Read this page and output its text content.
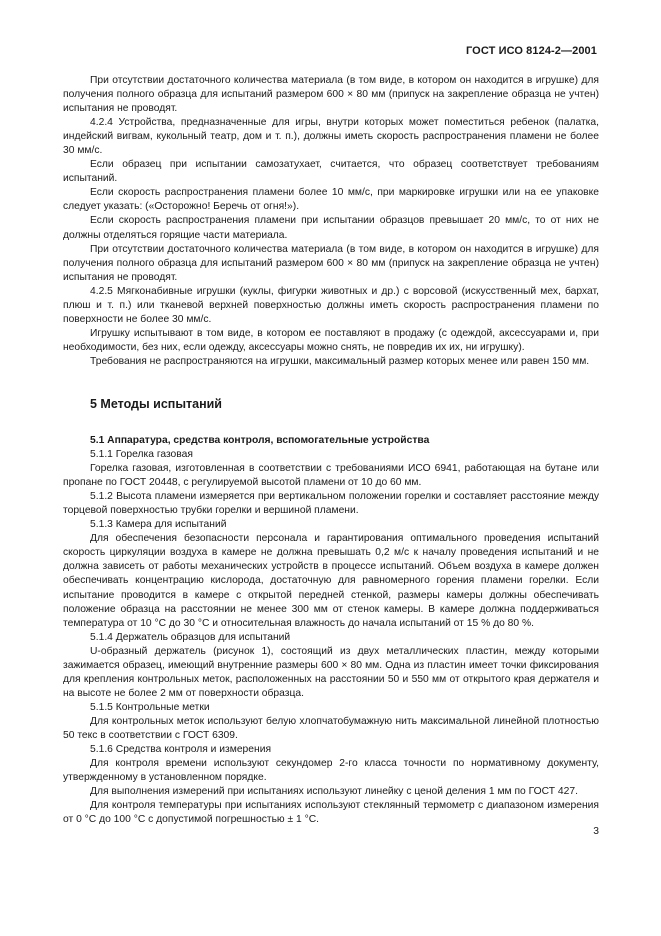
ГОСТ ИСО 8124-2—2001

При отсутствии достаточного количества материала (в том виде, в котором он находится в игрушке) для получения полного образца для испытаний размером 600 × 80 мм (припуск на закрепление образца не учтен) испытания не проводят.

4.2.4 Устройства, предназначенные для игры, внутри которых может поместиться ребенок (палатка, индейский вигвам, кукольный театр, дом и т. п.), должны иметь скорость распространения пламени не более 30 мм/с.

Если образец при испытании самозатухает, считается, что образец соответствует требованиям испытаний.

Если скорость распространения пламени более 10 мм/с, при маркировке игрушки или на ее упаковке следует указать: («Осторожно! Беречь от огня!»).

Если скорость распространения пламени при испытании образцов превышает 20 мм/с, то от них не должны отделяться горящие части материала.

При отсутствии достаточного количества материала (в том виде, в котором он находится в игрушке) для получения полного образца для испытаний размером 600 × 80 мм (припуск на закрепление образца не учтен) испытания не проводят.

4.2.5 Мягконабивные игрушки (куклы, фигурки животных и др.) с ворсовой (искусственный мех, бархат, плюш и т. п.) или тканевой верхней поверхностью должны иметь скорость распространения пламени по поверхности не более 30 мм/с.

Игрушку испытывают в том виде, в котором ее поставляют в продажу (с одеждой, аксессуарами и, при необходимости, без них, если одежду, аксессуары можно снять, не повредив их их, ни игрушку).

Требования не распространяются на игрушки, максимальный размер которых менее или равен 150 мм.

5 Методы испытаний

5.1 Аппаратура, средства контроля, вспомогательные устройства

5.1.1 Горелка газовая

Горелка газовая, изготовленная в соответствии с требованиями ИСО 6941, работающая на бутане или пропане по ГОСТ 20448, с регулируемой высотой пламени от 10 до 60 мм.

5.1.2 Высота пламени измеряется при вертикальном положении горелки и составляет расстояние между торцевой поверхностью трубки горелки и вершиной пламени.

5.1.3 Камера для испытаний

Для обеспечения безопасности персонала и гарантирования оптимального проведения испытаний скорость циркуляции воздуха в камере не должна превышать 0,2 м/с к началу проведения испытаний и не должна зависеть от работы механических устройств в процессе испытаний. Объем воздуха в камере должен обеспечивать концентрацию кислорода, достаточную для равномерного горения пламени горелки. Если испытание проводится в камере с открытой передней стенкой, размеры камеры должны обеспечивать положение образца на расстоянии не менее 300 мм от стенок камеры. В камере должна поддерживаться температура от 10 °С до 30 °С и относительная влажность до начала испытаний от 15 % до 80 %.

5.1.4 Держатель образцов для испытаний

U-образный держатель (рисунок 1), состоящий из двух металлических пластин, между которыми зажимается образец, имеющий внутренние размеры 600 × 80 мм. Одна из пластин имеет точки фиксирования для крепления контрольных меток, расположенных на расстоянии 50 и 550 мм от открытого края держателя и на высоте не более 2 мм от поверхности образца.

5.1.5 Контрольные метки

Для контрольных меток используют белую хлопчатобумажную нить максимальной линейной плотностью 50 текс в соответствии с ГОСТ 6309.

5.1.6 Средства контроля и измерения

Для контроля времени используют секундомер 2-го класса точности по нормативному документу, утвержденному в установленном порядке.

Для выполнения измерений при испытаниях используют линейку с ценой деления 1 мм по ГОСТ 427.

Для контроля температуры при испытаниях используют стеклянный термометр с диапазоном измерения от 0 °С до 100 °С с допустимой погрешностью ± 1 °С.

3
